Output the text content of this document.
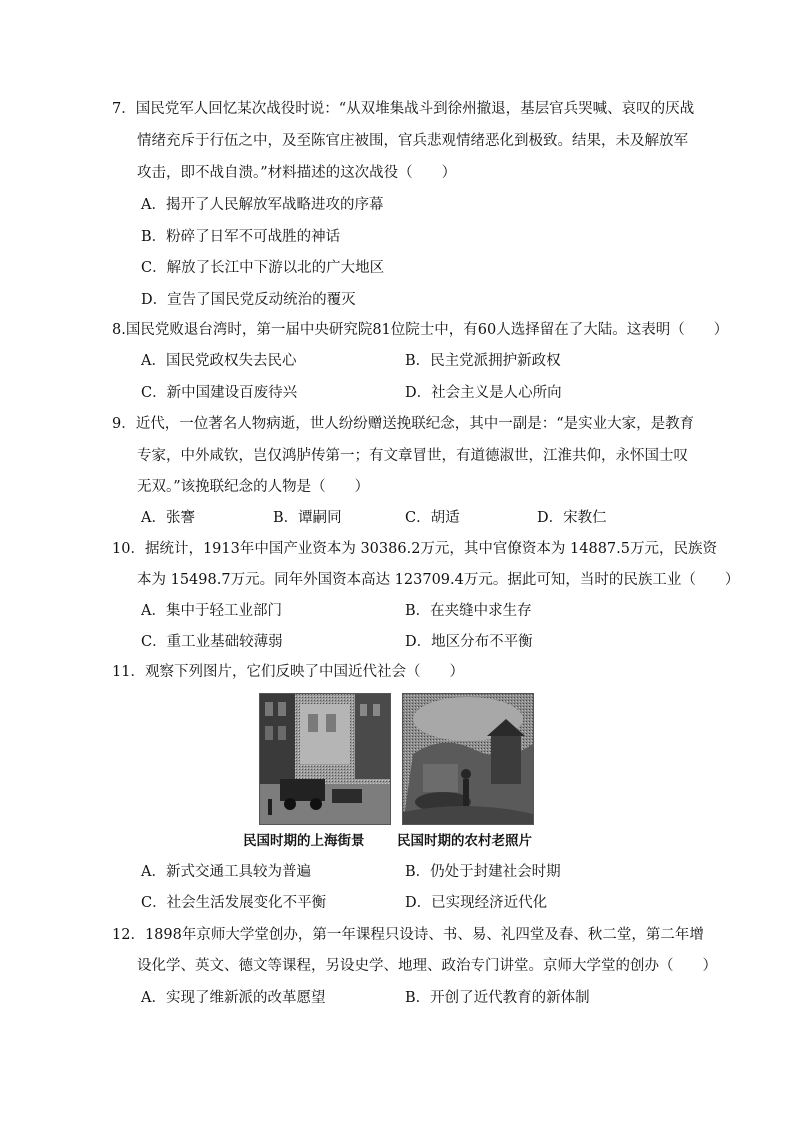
7．国民党军人回忆某次战役时说：“从双堆集战斗到徐州撤退，基层官兵哭喊、哀叹的厌战
情绪充斥于行伍之中，及至陈官庄被围，官兵悲观情绪恶化到极致。结果，未及解放军
攻击，即不战自溃。”材料描述的这次战役（　　）
A．揭开了人民解放军战略进攻的序幕
B．粉碎了日军不可战胜的神话
C．解放了长江中下游以北的广大地区
D．宣告了国民党反动统治的覆灭
8.国民党败退台湾时，第一届中央研究院81位院士中，有60人选择留在了大陆。这表明（　　）
A．国民党政权失去民心	B．民主党派拥护新政权
C．新中国建设百废待兴	D．社会主义是人心所向
9．近代，一位著名人物病逝，世人纷纷赠送挽联纪念，其中一副是：“是实业大家，是教育
专家，中外咸钦，岂仅鸿胪传第一；有文章冒世，有道德淑世，江淮共仰，永怀国士叹
无双。”该挽联纪念的人物是（　　）
A．张謇	B．谭嗣同	C．胡适	D．宋教仁
10．据统计，1913年中国产业资本为 30386.2万元，其中官僚资本为 14887.5万元，民族资
本为 15498.7万元。同年外国资本高达 123709.4万元。据此可知，当时的民族工业（　　）
A．集中于轻工业部门	B．在夹缝中求生存
C．重工业基础较薄弱	D．地区分布不平衡
11．观察下列图片，它们反映了中国近代社会（　　）
民国时期的上海街景 民国时期的农村老照片
A．新式交通工具较为普遍	B．仍处于封建社会时期
C．社会生活发展变化不平衡	D．已实现经济近代化
12．1898年京师大学堂创办，第一年课程只设诗、书、易、礼四堂及春、秋二堂，第二年增
设化学、英文、德文等课程，另设史学、地理、政治专门讲堂。京师大学堂的创办（　　）
A．实现了维新派的改革愿望	B．开创了近代教育的新体制
